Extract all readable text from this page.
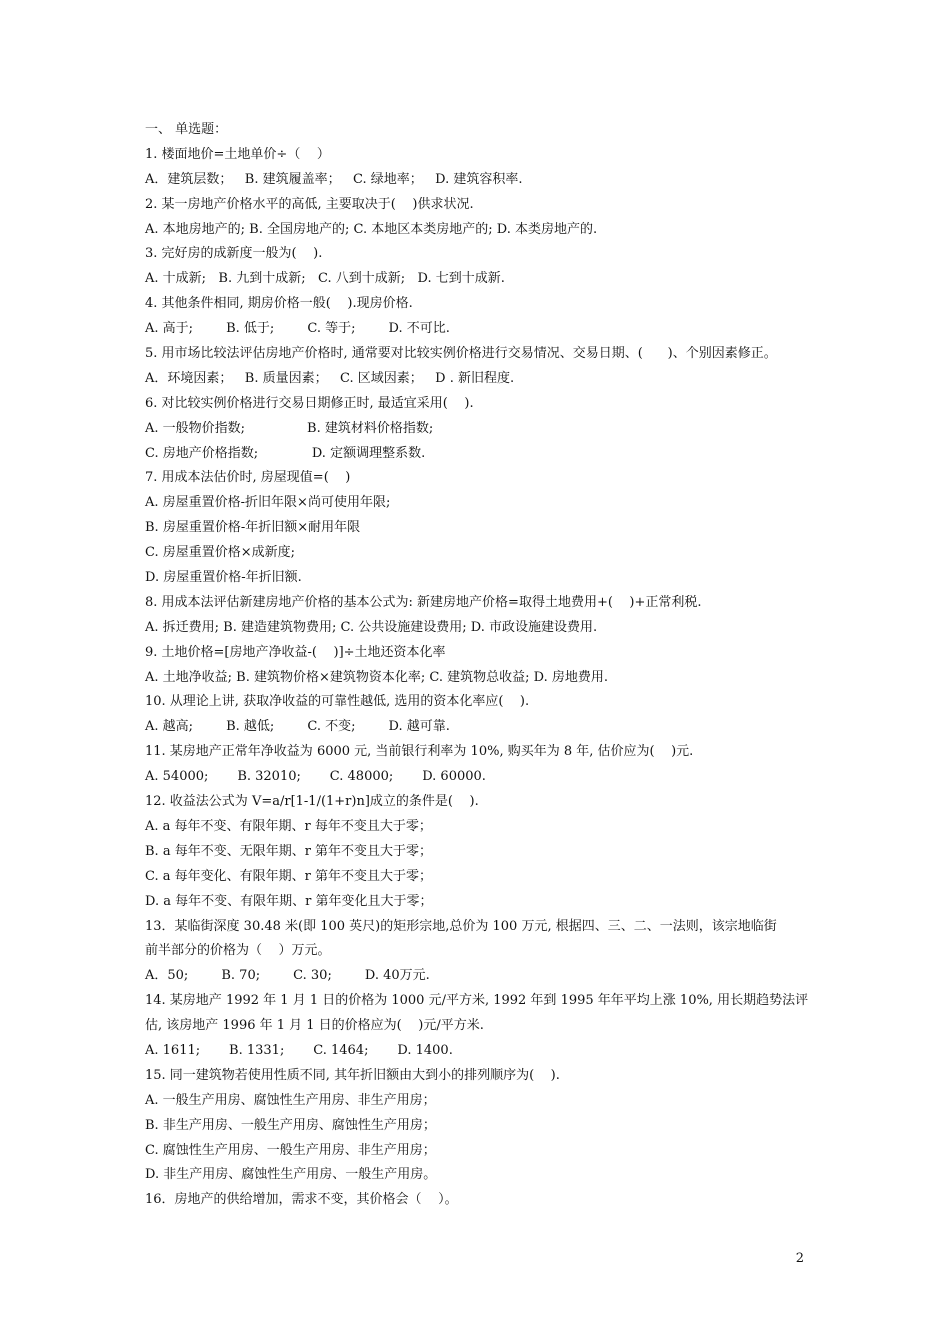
一、 单选题：
1. 楼面地价=土地单价÷（    ）
A．建筑层数；   B. 建筑履盖率；   C. 绿地率；   D. 建筑容积率.
2. 某一房地产价格水平的高低, 主要取决于(    )供求状况.
A. 本地房地产的; B. 全国房地产的; C. 本地区本类房地产的; D. 本类房地产的.
3. 完好房的成新度一般为(    ).
A. 十成新;   B. 九到十成新;   C. 八到十成新;   D. 七到十成新.
4. 其他条件相同, 期房价格一般(    ).现房价格.
A. 高于;        B. 低于;        C. 等于;        D. 不可比.
5. 用市场比较法评估房地产价格时, 通常要对比较实例价格进行交易情况、交易日期、(      )、个别因素修正。
A．环境因素；   B. 质量因素；   C. 区域因素；   D . 新旧程度.
6. 对比较实例价格进行交易日期修正时, 最适宜采用(    ).
A. 一般物价指数;               B. 建筑材料价格指数;
C. 房地产价格指数;             D. 定额调理整系数.
7. 用成本法估价时, 房屋现值=(    )
A. 房屋重置价格-折旧年限×尚可使用年限;
B. 房屋重置价格-年折旧额×耐用年限
C. 房屋重置价格×成新度;
D. 房屋重置价格-年折旧额.
8. 用成本法评估新建房地产价格的基本公式为: 新建房地产价格=取得土地费用+(    )+正常利税.
A. 拆迁费用; B. 建造建筑物费用; C. 公共设施建设费用; D. 市政设施建设费用.
9. 土地价格=[房地产净收益-(    )]÷土地还资本化率
A. 土地净收益; B. 建筑物价格×建筑物资本化率; C. 建筑物总收益; D. 房地费用.
10. 从理论上讲, 获取净收益的可靠性越低, 选用的资本化率应(    ).
A. 越高;        B. 越低;        C. 不变;        D. 越可靠.
11. 某房地产正常年净收益为 6000 元, 当前银行利率为 10%, 购买年为 8 年, 估价应为(    )元.
A. 54000;       B. 32010;       C. 48000;       D. 60000.
12. 收益法公式为 V=a/r[1-1/(1+r)n]成立的条件是(    ).
A. a 每年不变、有限年期、r 每年不变且大于零；
B. a 每年不变、无限年期、r 第年不变且大于零；
C. a 每年变化、有限年期、r 第年不变且大于零；
D. a 每年不变、有限年期、r 第年变化且大于零；
13．某临街深度 30.48 米(即 100 英尺)的矩形宗地,总价为 100 万元, 根据四、三、二、一法则，该宗地临街
前半部分的价格为（    ）万元。
A．50;        B. 70;        C. 30;        D. 40万元.
14. 某房地产 1992 年 1 月 1 日的价格为 1000 元/平方米, 1992 年到 1995 年年平均上涨 10%, 用长期趋势法评
估, 该房地产 1996 年 1 月 1 日的价格应为(    )元/平方米.
A. 1611;       B. 1331;       C. 1464;       D. 1400.
15. 同一建筑物若使用性质不同, 其年折旧额由大到小的排列顺序为(    ).
A. 一般生产用房、腐蚀性生产用房、非生产用房；
B. 非生产用房、一般生产用房、腐蚀性生产用房；
C. 腐蚀性生产用房、一般生产用房、非生产用房；
D. 非生产用房、腐蚀性生产用房、一般生产用房。
16．房地产的供给增加，需求不变，其价格会（    ）。
2
